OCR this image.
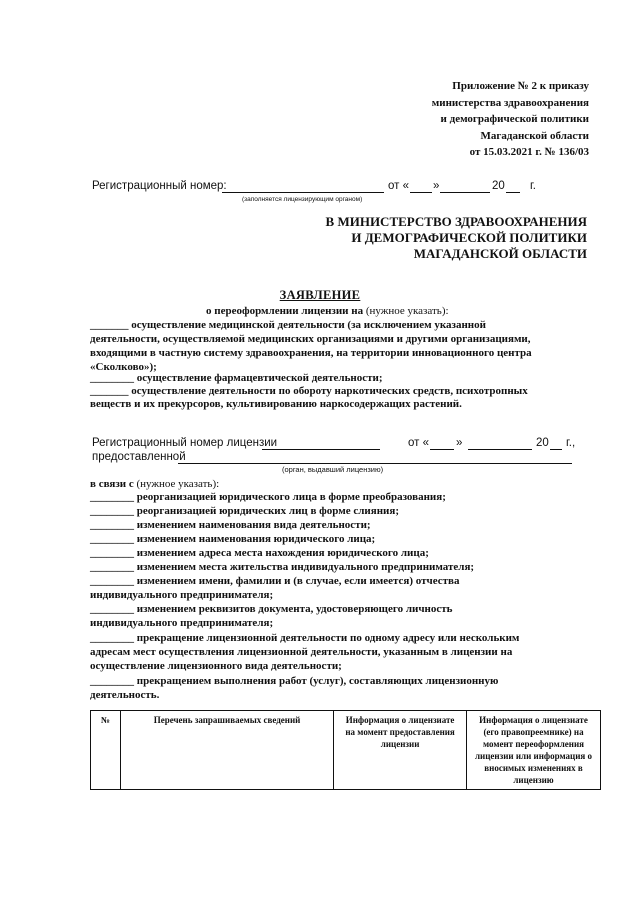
Приложение № 2 к приказу
министерства здравоохранения
и демографической политики
Магаданской области
от 15.03.2021 г. № 136/03
Регистрационный номер:	от « »	20 г.
(заполняется лицензирующим органом)
В МИНИСТЕРСТВО ЗДРАВООХРАНЕНИЯ
И ДЕМОГРАФИЧЕСКОЙ ПОЛИТИКИ
МАГАДАНСКОЙ ОБЛАСТИ
ЗАЯВЛЕНИЕ
о переоформлении лицензии на (нужное указать):
_______ осуществление медицинской деятельности (за исключением указанной
деятельности, осуществляемой медицинских организациями и другими организациями,
входящими в частную систему здравоохранения, на территории инновационного центра
«Сколково»);
________ осуществление фармацевтической деятельности;
_______ осуществление деятельности по обороту наркотических средств, психотропных
веществ и их прекурсоров, культивированию наркосодержащих растений.
Регистрационный номер лицензии	от « »	20 г.,
предоставленной
(орган, выдавший лицензию)
в связи с (нужное указать):
________ реорганизацией юридического лица в форме преобразования;
________ реорганизацией юридических лиц в форме слияния;
________ изменением наименования вида деятельности;
________ изменением наименования юридического лица;
________ изменением адреса места нахождения юридического лица;
________ изменением места жительства индивидуального предпринимателя;
________ изменением имени, фамилии и (в случае, если имеется) отчества
индивидуального предпринимателя;
________ изменением реквизитов документа, удостоверяющего личность
индивидуального предпринимателя;
________ прекращение лицензионной деятельности по одному адресу или нескольким
адресам мест осуществления лицензионной деятельности, указанным в лицензии на
осуществление лицензионного вида деятельности;
________ прекращением выполнения работ (услуг), составляющих лицензионную
деятельность.
№	Перечень запрашиваемых сведений	Информация о лицензиате на момент предоставления лицензии	Информация о лицензиате (его правопреемнике) на момент переоформления лицензии или информация о вносимых изменениях в лицензию
